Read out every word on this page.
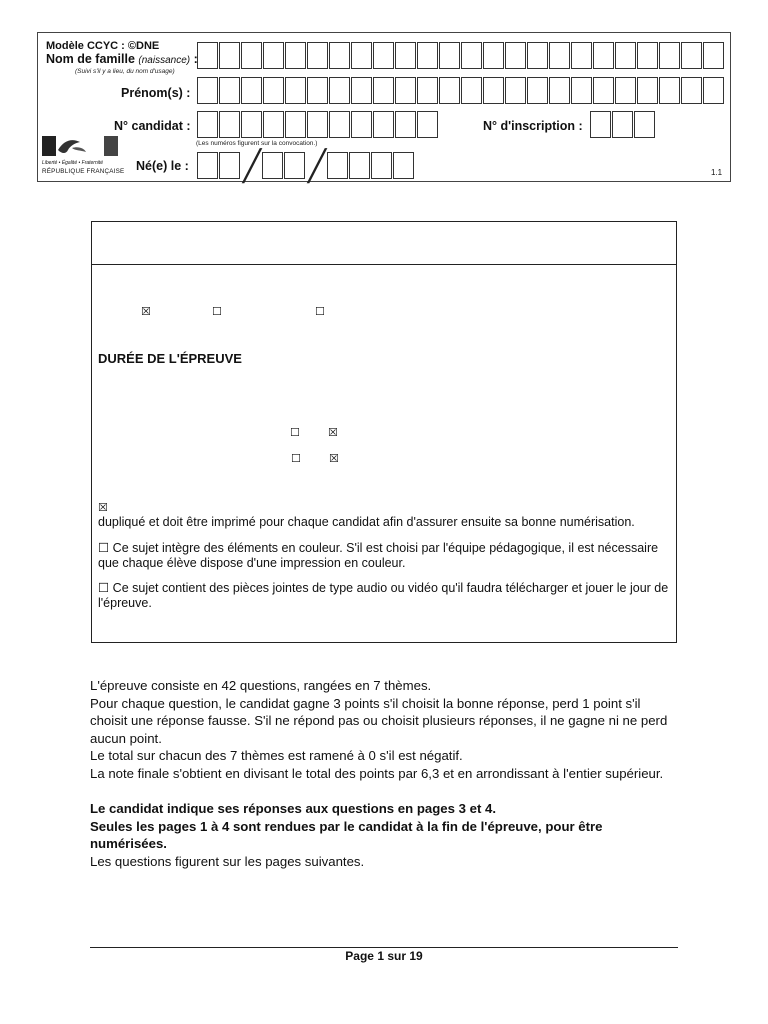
Modèle CCYC : ©DNE
Nom de famille (naissance) :
(Suivi s'il y a lieu, du nom d'usage)
Prénom(s) :
N° candidat :
(Les numéros figurent sur la convocation.)
N° d'inscription :
Né(e) le : ╱ ╱	1.1
Liberté • Égalité • Fraternité
RÉPUBLIQUE FRANÇAISE
☒	☐	☐
DURÉE DE L'ÉPREUVE
☐	☒
☐	☒
☒
dupliqué et doit être imprimé pour chaque candidat afin d'assurer ensuite sa bonne numérisation.
☐ Ce sujet intègre des éléments en couleur. S'il est choisi par l'équipe pédagogique, il est nécessaire que chaque élève dispose d'une impression en couleur.
☐ Ce sujet contient des pièces jointes de type audio ou vidéo qu'il faudra télécharger et jouer le jour de l'épreuve.
L'épreuve consiste en 42 questions, rangées en 7 thèmes.
Pour chaque question, le candidat gagne 3 points s'il choisit la bonne réponse, perd 1 point s'il choisit une réponse fausse. S'il ne répond pas ou choisit plusieurs réponses, il ne gagne ni ne perd aucun point.
Le total sur chacun des 7 thèmes est ramené à 0 s'il est négatif.
La note finale s'obtient en divisant le total des points par 6,3 et en arrondissant à l'entier supérieur.
Le candidat indique ses réponses aux questions en pages 3 et 4.
Seules les pages 1 à 4 sont rendues par le candidat à la fin de l'épreuve, pour être numérisées.
Les questions figurent sur les pages suivantes.
Page 1 sur 19
